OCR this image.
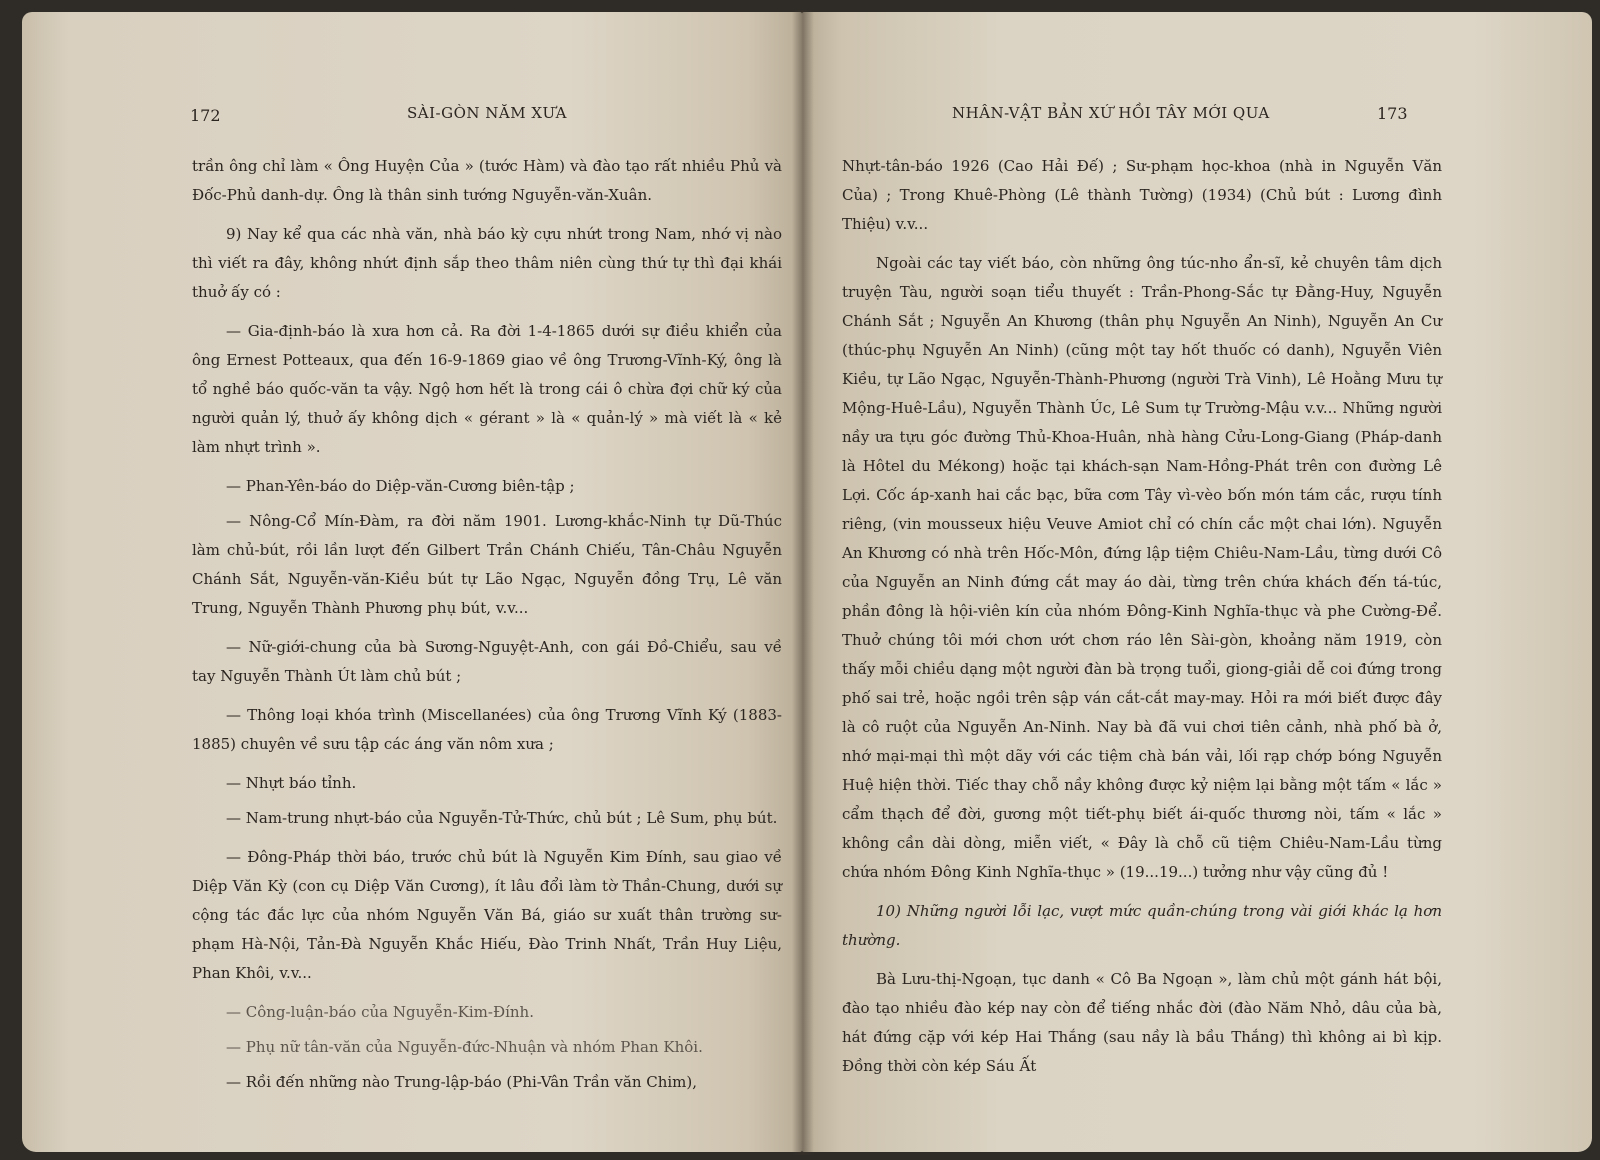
172	SÀI-GÒN NĂM XƯA

trần ông chỉ làm « Ông Huyện Của » (tước Hàm) và đào tạo rất nhiều Phủ và Đốc-Phủ danh-dự. Ông là thân sinh tướng Nguyễn-văn-Xuân.

9) Nay kể qua các nhà văn, nhà báo kỳ cựu nhứt trong Nam, nhớ vị nào thì viết ra đây, không nhứt định sắp theo thâm niên cùng thứ tự thì đại khái thuở ấy có :

— Gia-định-báo là xưa hơn cả. Ra đời 1-4-1865 dưới sự điều khiển của ông Ernest Potteaux, qua đến 16-9-1869 giao về ông Trương-Vĩnh-Ký, ông là tổ nghề báo quốc-văn ta vậy. Ngộ hơn hết là trong cái ô chừa đợi chữ ký của người quản lý, thuở ấy không dịch « gérant » là « quản-lý » mà viết là « kẻ làm nhựt trình ».

— Phan-Yên-báo do Diệp-văn-Cương biên-tập ;

— Nông-Cổ Mín-Đàm, ra đời năm 1901. Lương-khắc-Ninh tự Dũ-Thúc làm chủ-bút, rồi lần lượt đến Gilbert Trần Chánh Chiếu, Tân-Châu Nguyễn Chánh Sắt, Nguyễn-văn-Kiều bút tự Lão Ngạc, Nguyễn đồng Trụ, Lê văn Trung, Nguyễn Thành Phương phụ bút, v.v...

— Nữ-giới-chung của bà Sương-Nguyệt-Anh, con gái Đồ-Chiểu, sau về tay Nguyễn Thành Út làm chủ bút ;

— Thông loại khóa trình (Miscellanées) của ông Trương Vĩnh Ký (1883-1885) chuyên về sưu tập các áng văn nôm xưa ;

— Nhựt báo tỉnh.

— Nam-trung nhựt-báo của Nguyễn-Tử-Thức, chủ bút ; Lê Sum, phụ bút.

— Đông-Pháp thời báo, trước chủ bút là Nguyễn Kim Đính, sau giao về Diệp Văn Kỳ (con cụ Diệp Văn Cương), ít lâu đổi làm tờ Thần-Chung, dưới sự cộng tác đắc lực của nhóm Nguyễn Văn Bá, giáo sư xuất thân trường sư-phạm Hà-Nội, Tản-Đà Nguyễn Khắc Hiếu, Đào Trinh Nhất, Trần Huy Liệu, Phan Khôi, v.v...

— Công-luận-báo của Nguyễn-Kim-Đính.

— Phụ nữ tân-văn của Nguyễn-đức-Nhuận và nhóm Phan Khôi.

— Rồi đến những nào Trung-lập-báo (Phi-Vân Trần văn Chim),

NHÂN-VẬT BẢN XỨ HỒI TÂY MỚI QUA	173

Nhựt-tân-báo 1926 (Cao Hải Đế) ; Sư-phạm học-khoa (nhà in Nguyễn Văn Của) ; Trong Khuê-Phòng (Lê thành Tường) (1934) (Chủ bút : Lương đình Thiệu) v.v...

Ngoài các tay viết báo, còn những ông túc-nho ẩn-sĩ, kẻ chuyên tâm dịch truyện Tàu, người soạn tiểu thuyết : Trần-Phong-Sắc tự Đằng-Huy, Nguyễn Chánh Sắt ; Nguyễn An Khương (thân phụ Nguyễn An Ninh), Nguyễn An Cư (thúc-phụ Nguyễn An Ninh) (cũng một tay hốt thuốc có danh), Nguyễn Viên Kiều, tự Lão Ngạc, Nguyễn-Thành-Phương (người Trà Vinh), Lê Hoằng Mưu tự Mộng-Huê-Lầu), Nguyễn Thành Úc, Lê Sum tự Trường-Mậu v.v... Những người nầy ưa tựu góc đường Thủ-Khoa-Huân, nhà hàng Cửu-Long-Giang (Pháp-danh là Hôtel du Mékong) hoặc tại khách-sạn Nam-Hồng-Phát trên con đường Lê Lợi. Cốc áp-xanh hai cắc bạc, bữa cơm Tây vì-vèo bốn món tám cắc, rượu tính riêng, (vin mousseux hiệu Veuve Amiot chỉ có chín cắc một chai lớn). Nguyễn An Khương có nhà trên Hốc-Môn, đứng lập tiệm Chiêu-Nam-Lầu, từng dưới Cô của Nguyễn an Ninh đứng cắt may áo dài, từng trên chứa khách đến tá-túc, phần đông là hội-viên kín của nhóm Đông-Kinh Nghĩa-thục và phe Cường-Để. Thuở chúng tôi mới chơn ướt chơn ráo lên Sài-gòn, khoảng năm 1919, còn thấy mỗi chiều dạng một người đàn bà trọng tuổi, giong-giải dễ coi đứng trong phố sai trẻ, hoặc ngồi trên sập ván cắt-cắt may-may. Hỏi ra mới biết được đây là cô ruột của Nguyễn An-Ninh. Nay bà đã vui chơi tiên cảnh, nhà phố bà ở, nhớ mại-mại thì một dãy với các tiệm chà bán vải, lối rạp chớp bóng Nguyễn Huệ hiện thời. Tiếc thay chỗ nầy không được kỷ niệm lại bằng một tấm « lắc » cẩm thạch để đời, gương một tiết-phụ biết ái-quốc thương nòi, tấm « lắc » không cần dài dòng, miễn viết, « Đây là chỗ cũ tiệm Chiêu-Nam-Lầu từng chứa nhóm Đông Kinh Nghĩa-thục » (19...19...) tưởng như vậy cũng đủ !

10) Những người lỗi lạc, vượt mức quần-chúng trong vài giới khác lạ hơn thường.

Bà Lưu-thị-Ngoạn, tục danh « Cô Ba Ngoạn », làm chủ một gánh hát bội, đào tạo nhiều đào kép nay còn để tiếng nhắc đời (đào Năm Nhỏ, dâu của bà, hát đứng cặp với kép Hai Thắng (sau nầy là bầu Thắng) thì không ai bì kịp. Đồng thời còn kép Sáu Ất
